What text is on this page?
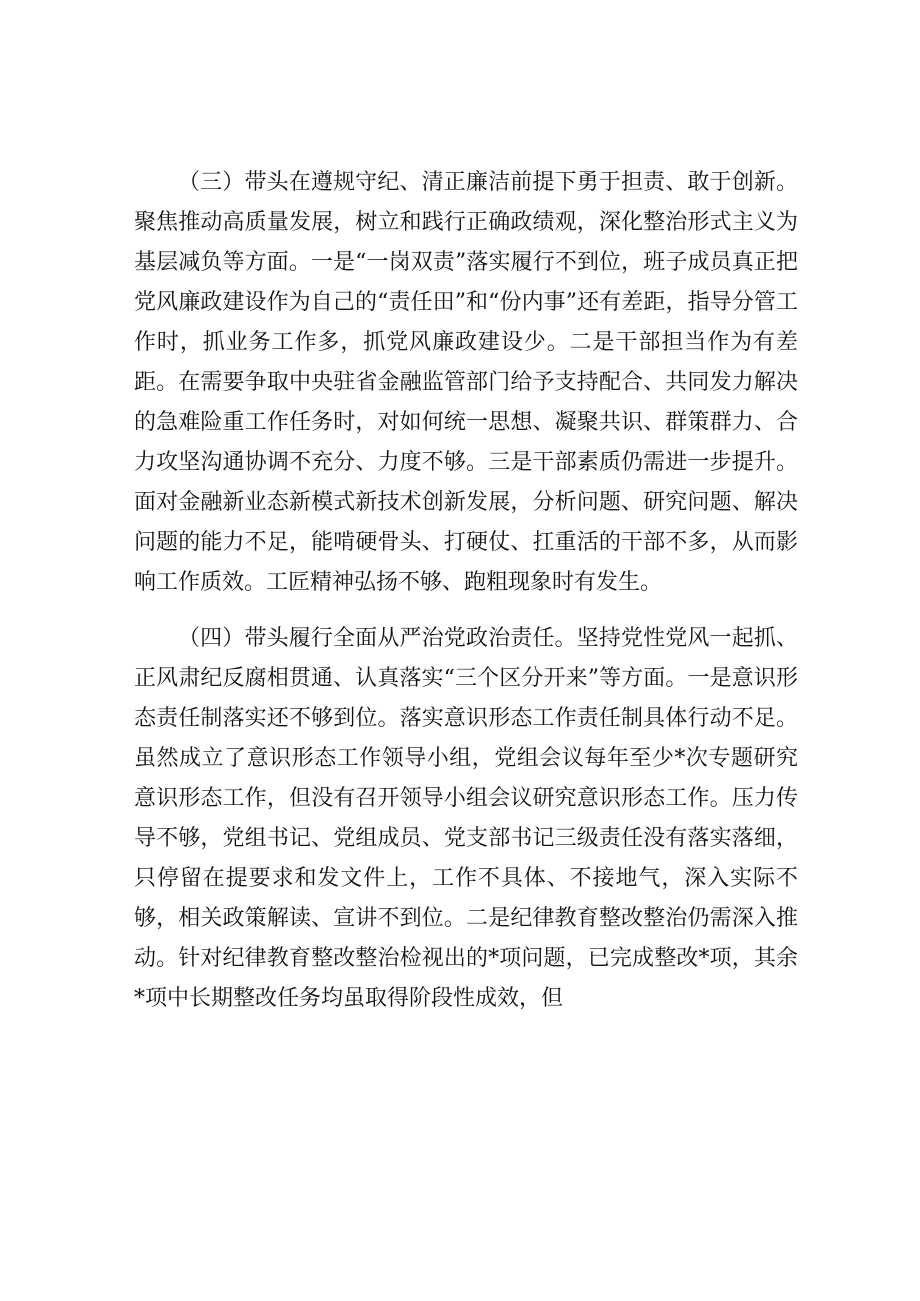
（三）带头在遵规守纪、清正廉洁前提下勇于担责、敢于创新。聚焦推动高质量发展，树立和践行正确政绩观，深化整治形式主义为基层减负等方面。一是“一岗双责”落实履行不到位，班子成员真正把党风廉政建设作为自己的“责任田”和“份内事”还有差距，指导分管工作时，抓业务工作多，抓党风廉政建设少。二是干部担当作为有差距。在需要争取中央驻省金融监管部门给予支持配合、共同发力解决的急难险重工作任务时，对如何统一思想、凝聚共识、群策群力、合力攻坚沟通协调不充分、力度不够。三是干部素质仍需进一步提升。面对金融新业态新模式新技术创新发展，分析问题、研究问题、解决问题的能力不足，能啃硬骨头、打硬仗、扛重活的干部不多，从而影响工作质效。工匠精神弘扬不够、跑粗现象时有发生。

（四）带头履行全面从严治党政治责任。坚持党性党风一起抓、正风肃纪反腐相贯通、认真落实“三个区分开来”等方面。一是意识形态责任制落实还不够到位。落实意识形态工作责任制具体行动不足。虽然成立了意识形态工作领导小组，党组会议每年至少*次专题研究意识形态工作，但没有召开领导小组会议研究意识形态工作。压力传导不够，党组书记、党组成员、党支部书记三级责任没有落实落细，只停留在提要求和发文件上，工作不具体、不接地气，深入实际不够，相关政策解读、宣讲不到位。二是纪律教育整改整治仍需深入推动。针对纪律教育整改整治检视出的*项问题，已完成整改*项，其余*项中长期整改任务均虽取得阶段性成效，但
